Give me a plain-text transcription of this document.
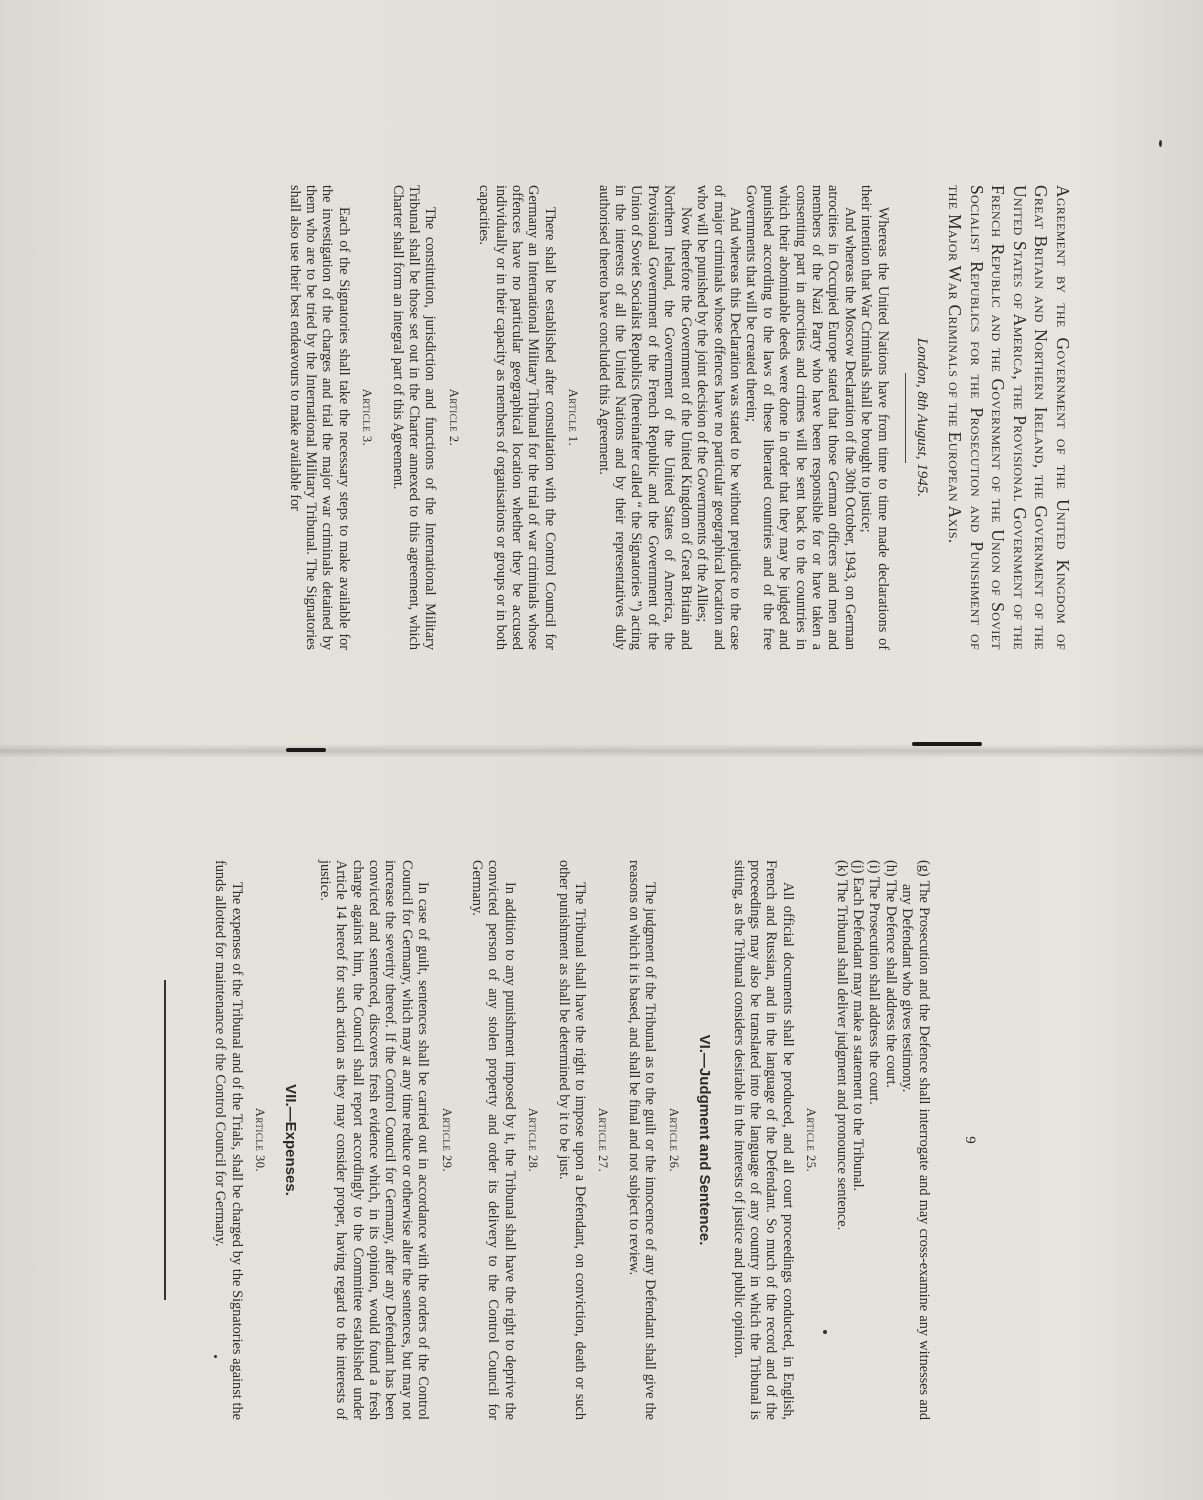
Agreement by the Government of the United Kingdom of Great Britain and Northern Ireland, the Government of the United States of America, the Provisional Government of the French Republic and the Government of the Union of Soviet Socialist Republics for the Prosecution and Punishment of the Major War Criminals of the European Axis.

London, 8th August, 1945.

Whereas the United Nations have from time to time made declarations of their intention that War Criminals shall be brought to justice;

And whereas the Moscow Declaration of the 30th October, 1943, on German atrocities in Occupied Europe stated that those German officers and men and members of the Nazi Party who have been responsible for or have taken a consenting part in atrocities and crimes will be sent back to the countries in which their abominable deeds were done in order that they may be judged and punished according to the laws of these liberated countries and of the free Governments that will be created therein;

And whereas this Declaration was stated to be without prejudice to the case of major criminals whose offences have no particular geographical location and who will be punished by the joint decision of the Governments of the Allies;

Now therefore the Government of the United Kingdom of Great Britain and Northern Ireland, the Government of the United States of America, the Provisional Government of the French Republic and the Government of the Union of Soviet Socialist Republics (hereinafter called “ the Signatories ”) acting in the interests of all the United Nations and by their representatives duly authorised thereto have concluded this Agreement.

Article 1.

There shall be established after consultation with the Control Council for Germany an International Military Tribunal for the trial of war criminals whose offences have no particular geographical location whether they be accused individually or in their capacity as members of organisations or groups or in both capacities.

Article 2.

The constitution, jurisdiction and functions of the International Military Tribunal shall be those set out in the Charter annexed to this agreement, which Charter shall form an integral part of this Agreement.

Article 3.

Each of the Signatories shall take the necessary steps to make available for the investigation of the charges and trial the major war criminals detained by them who are to be tried by the International Military Tribunal. The Signatories shall also use their best endeavours to make available for

9

(g) The Prosecution and the Defence shall interrogate and may cross-examine any witnesses and any Defendant who gives testimony.

(h) The Defence shall address the court.

(i) The Prosecution shall address the court.

(j) Each Defendant may make a statement to the Tribunal.

(k) The Tribunal shall deliver judgment and pronounce sentence.

Article 25.

All official documents shall be produced, and all court proceedings conducted, in English, French and Russian, and in the language of the Defendant. So much of the record and of the proceedings may also be translated into the language of any country in which the Tribunal is sitting, as the Tribunal considers desirable in the interests of justice and public opinion.

VI.—Judgment and Sentence.

Article 26.

The judgment of the Tribunal as to the guilt or the innocence of any Defendant shall give the reasons on which it is based, and shall be final and not subject to review.

Article 27.

The Tribunal shall have the right to impose upon a Defendant, on conviction, death or such other punishment as shall be determined by it to be just.

Article 28.

In addition to any punishment imposed by it, the Tribunal shall have the right to deprive the convicted person of any stolen property and order its delivery to the Control Council for Germany.

Article 29.

In case of guilt, sentences shall be carried out in accordance with the orders of the Control Council for Germany, which may at any time reduce or otherwise alter the sentences, but may not increase the severity thereof. If the Control Council for Germany, after any Defendant has been convicted and sentenced, discovers fresh evidence which, in its opinion, would found a fresh charge against him, the Council shall report accordingly to the Committee established under Article 14 hereof for such action as they may consider proper, having regard to the interests of justice.

VII.—Expenses.

Article 30.

The expenses of the Tribunal and of the Trials, shall be charged by the Signatories against the funds allotted for maintenance of the Control Council for Germany.
